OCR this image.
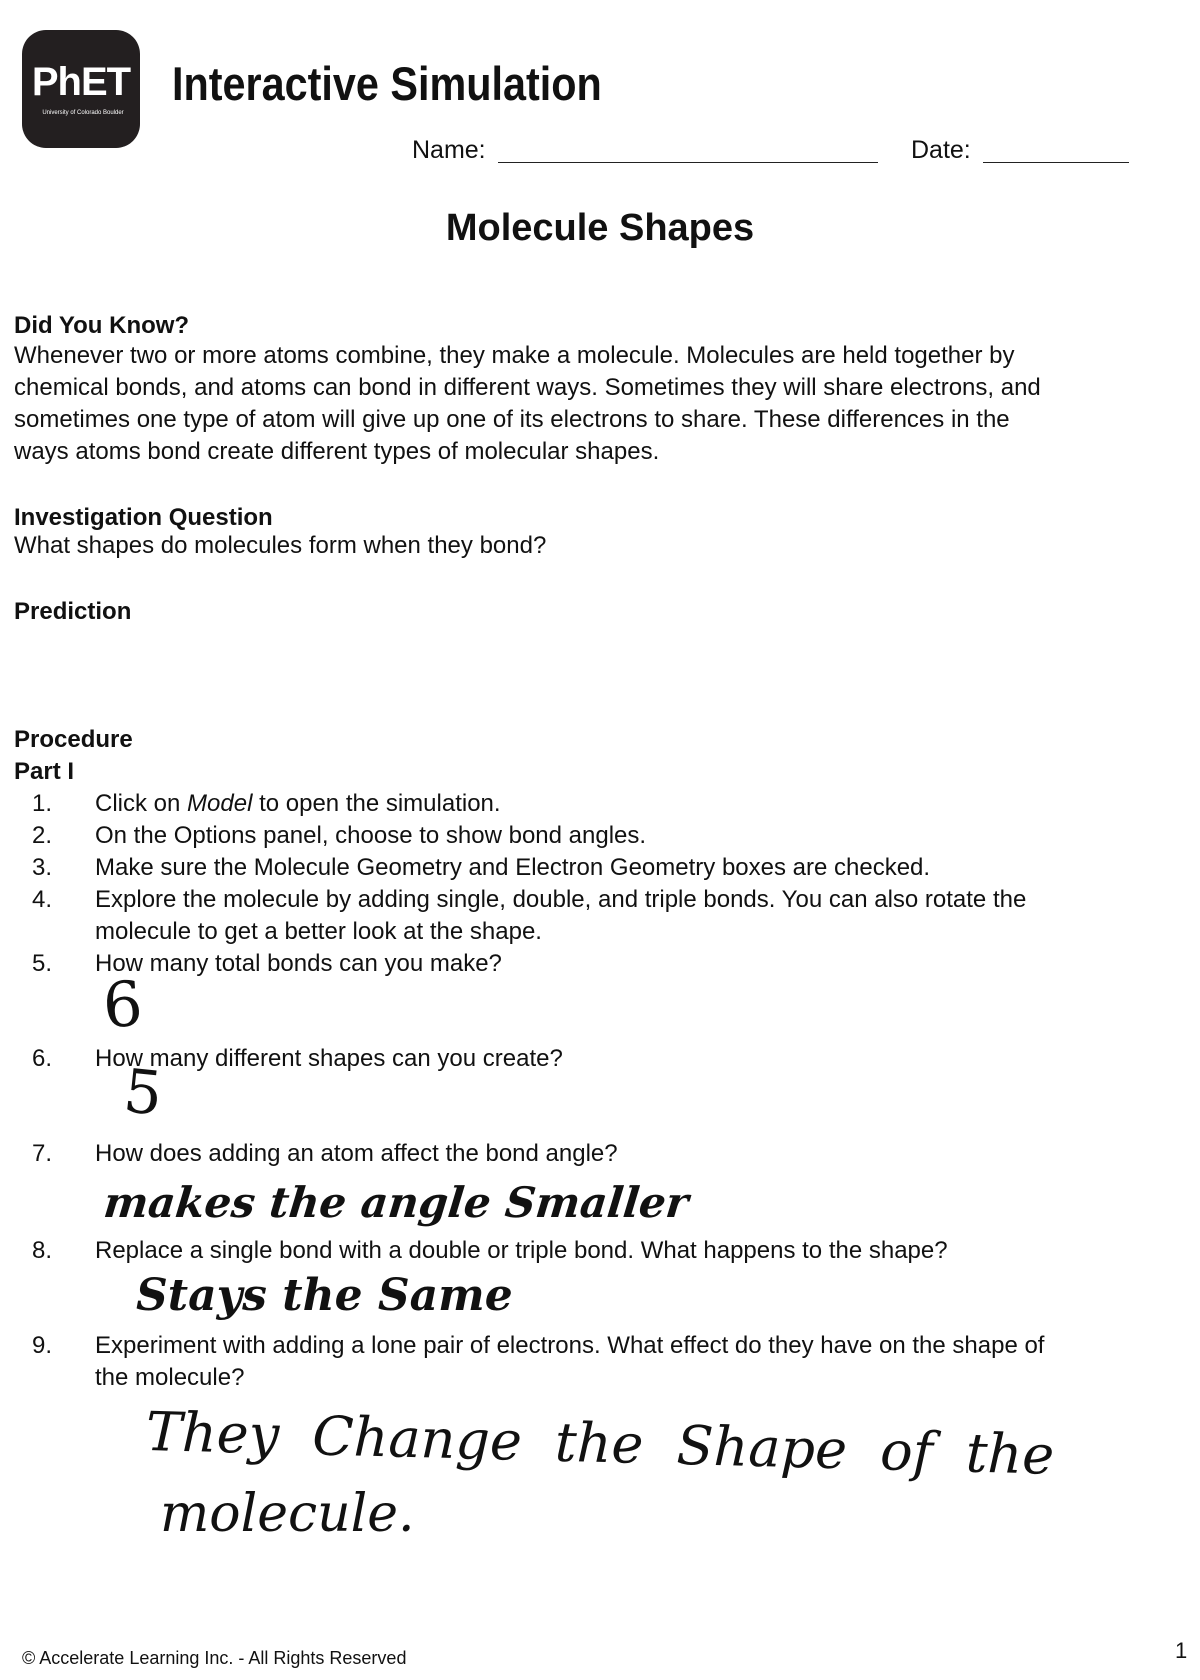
PhET
University of Colorado Boulder
Interactive Simulation
Name:	Date:
Molecule Shapes
Did You Know?
Whenever two or more atoms combine, they make a molecule. Molecules are held together by
chemical bonds, and atoms can bond in different ways. Sometimes they will share electrons, and
sometimes one type of atom will give up one of its electrons to share. These differences in the
ways atoms bond create different types of molecular shapes.
Investigation Question
What shapes do molecules form when they bond?
Prediction
Procedure
Part I
1. Click on Model to open the simulation.
2. On the Options panel, choose to show bond angles.
3. Make sure the Molecule Geometry and Electron Geometry boxes are checked.
4. Explore the molecule by adding single, double, and triple bonds. You can also rotate the
molecule to get a better look at the shape.
5. How many total bonds can you make?
6. How many different shapes can you create?
7. How does adding an atom affect the bond angle?
8. Replace a single bond with a double or triple bond. What happens to the shape?
9. Experiment with adding a lone pair of electrons. What effect do they have on the shape of
the molecule?
6
5
makes the angle Smaller
Stays the Same
They Change the Shape of the
molecule.
© Accelerate Learning Inc. - All Rights Reserved	1
